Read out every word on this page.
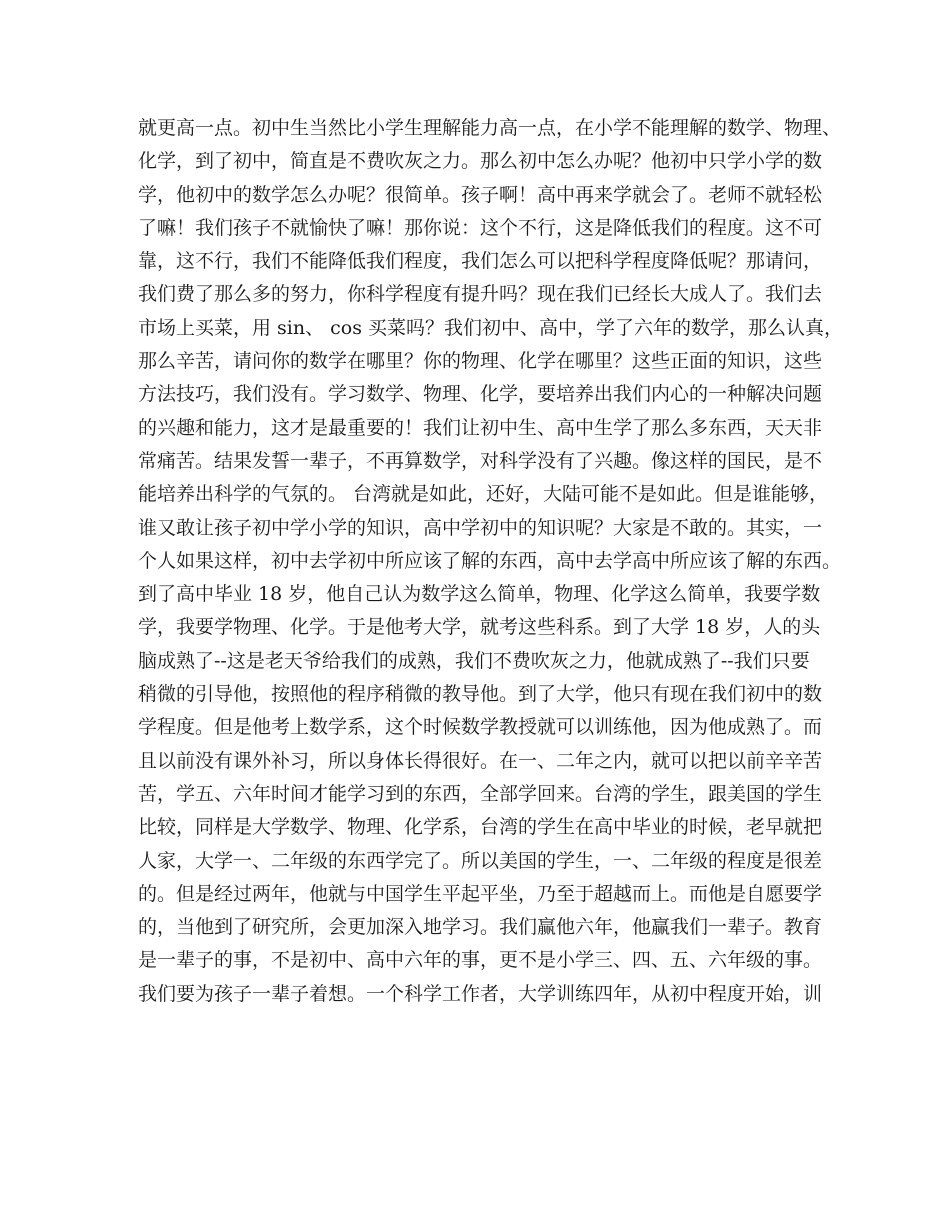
就更高一点。初中生当然比小学生理解能力高一点，在小学不能理解的数学、物理、
化学，到了初中，简直是不费吹灰之力。那么初中怎么办呢？他初中只学小学的数
学，他初中的数学怎么办呢？很简单。孩子啊！高中再来学就会了。老师不就轻松
了嘛！我们孩子不就愉快了嘛！那你说：这个不行，这是降低我们的程度。这不可
靠，这不行，我们不能降低我们程度，我们怎么可以把科学程度降低呢？那请问，
我们费了那么多的努力，你科学程度有提升吗？现在我们已经长大成人了。我们去
市场上买菜，用 sin、 cos 买菜吗？我们初中、高中，学了六年的数学，那么认真，
那么辛苦，请问你的数学在哪里？你的物理、化学在哪里？这些正面的知识，这些
方法技巧，我们没有。学习数学、物理、化学，要培养出我们内心的一种解决问题
的兴趣和能力，这才是最重要的！我们让初中生、高中生学了那么多东西，天天非
常痛苦。结果发誓一辈子，不再算数学，对科学没有了兴趣。像这样的国民，是不
能培养出科学的气氛的。 台湾就是如此，还好，大陆可能不是如此。但是谁能够，
谁又敢让孩子初中学小学的知识，高中学初中的知识呢？大家是不敢的。其实，一
个人如果这样，初中去学初中所应该了解的东西，高中去学高中所应该了解的东西。
到了高中毕业 18 岁，他自己认为数学这么简单，物理、化学这么简单，我要学数
学，我要学物理、化学。于是他考大学，就考这些科系。到了大学 18 岁，人的头
脑成熟了--这是老天爷给我们的成熟，我们不费吹灰之力，他就成熟了--我们只要
稍微的引导他，按照他的程序稍微的教导他。到了大学，他只有现在我们初中的数
学程度。但是他考上数学系，这个时候数学教授就可以训练他，因为他成熟了。而
且以前没有课外补习，所以身体长得很好。在一、二年之内，就可以把以前辛辛苦
苦，学五、六年时间才能学习到的东西，全部学回来。台湾的学生，跟美国的学生
比较，同样是大学数学、物理、化学系，台湾的学生在高中毕业的时候，老早就把
人家，大学一、二年级的东西学完了。所以美国的学生，一、二年级的程度是很差
的。但是经过两年，他就与中国学生平起平坐，乃至于超越而上。而他是自愿要学
的，当他到了研究所，会更加深入地学习。我们赢他六年，他赢我们一辈子。教育
是一辈子的事，不是初中、高中六年的事，更不是小学三、四、五、六年级的事。
我们要为孩子一辈子着想。一个科学工作者，大学训练四年，从初中程度开始，训
